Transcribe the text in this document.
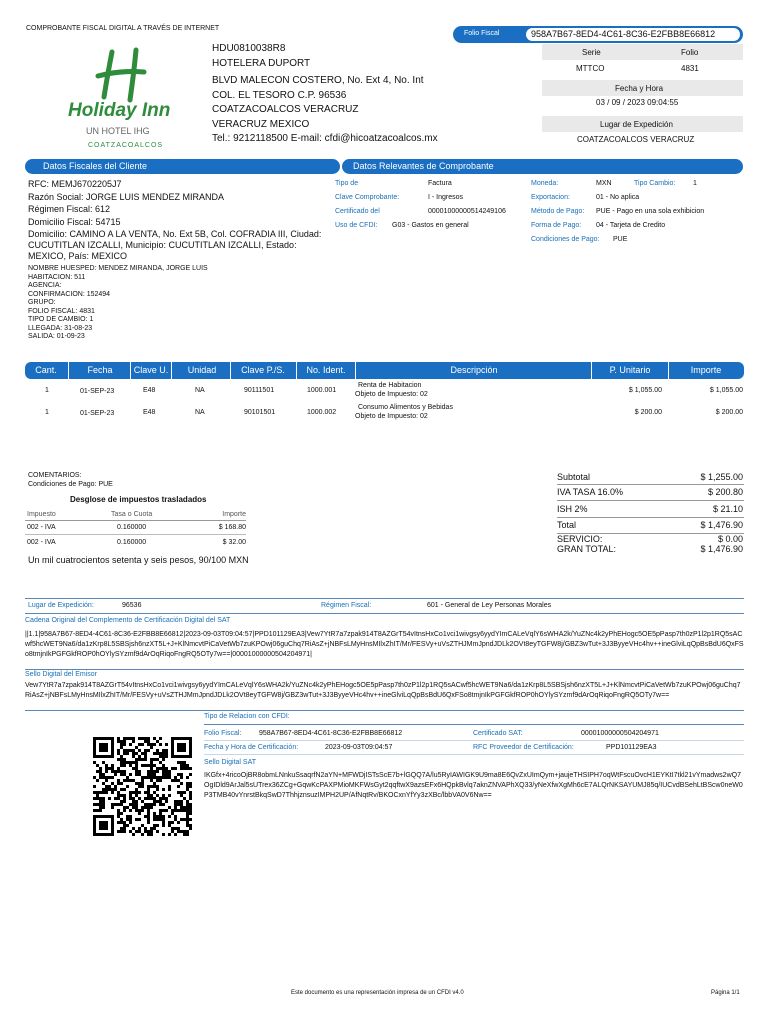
COMPROBANTE FISCAL DIGITAL A TRAVÉS DE INTERNET
Folio Fiscal	958A7B67-8ED4-4C61-8C36-E2FBB8E66812
Serie	Folio
MTTCO	4831
Fecha y Hora
03 / 09 / 2023 09:04:55
Lugar de Expedición
COATZACOALCOS VERACRUZ
Holiday Inn
UN HOTEL IHG
COATZACOALCOS
HDU0810038R8
HOTELERA DUPORT
BLVD MALECON COSTERO, No. Ext 4, No. Int
COL. EL TESORO C.P. 96536
COATZACOALCOS VERACRUZ
VERACRUZ MEXICO
Tel.: 9212118500 E-mail: cfdi@hicoatzacoalcos.mx
Datos Fiscales del Cliente	Datos Relevantes de Comprobante
RFC: MEMJ6702205J7
Razón Social: JORGE LUIS MENDEZ MIRANDA
Régimen Fiscal: 612
Domicilio Fiscal: 54715
Domicilio: CAMINO A LA VENTA, No. Ext 5B, Col. COFRADIA III, Ciudad: CUCUTITLAN IZCALLI, Municipio: CUCUTITLAN IZCALLI, Estado: MEXICO, País: MEXICO
NOMBRE HUESPED: MENDEZ MIRANDA, JORGE LUIS
HABITACION: 511
AGENCIA:
CONFIRMACION: 152494
GRUPO:
FOLIO FISCAL: 4831
TIPO DE CAMBIO: 1
LLEGADA: 31-08-23
SALIDA: 01-09-23
Tipo de	Factura
Clave Comprobante:	I - Ingresos
Certificado del	00001000000514249106
Uso de CFDI: G03 - Gastos en general
Moneda:	MXN	Tipo Cambio:	1
Exportacion:	01 - No aplica
Método de Pago: PUE - Pago en una sola exhibicion
Forma de Pago: 04 - Tarjeta de Credito
Condiciones de Pago: PUE
Cant.	Fecha	Clave U.	Unidad	Clave P./S.	No. Ident.	Descripción	P. Unitario	Importe
1	01-SEP-23	E48	NA	90111501	1000.001
Renta de Habitacion
Objeto de Impuesto: 02
$ 1,055.00	$ 1,055.00
1	01-SEP-23	E48	NA	90101501	1000.002
Consumo Alimentos y Bebidas
Objeto de Impuesto: 02
$ 200.00	$ 200.00
COMENTARIOS:
Condiciones de Pago: PUE
Desglose de impuestos trasladados
Impuesto	Tasa o Cuota	Importe
002 - IVA	0.160000	$ 168.80
002 - IVA	0.160000	$ 32.00
Un mil cuatrocientos setenta y seis pesos, 90/100 MXN
Subtotal	$ 1,255.00
IVA TASA 16.0%	$ 200.80
ISH 2%	$ 21.10
Total	$ 1,476.90
SERVICIO:	$ 0.00
GRAN TOTAL:	$ 1,476.90
Lugar de Expedición:	96536	Régimen Fiscal:	601 - General de Ley Personas Morales
Cadena Original del Complemento de Certificación Digital del SAT
||1.1|958A7B67-8ED4-4C61-8C36-E2FBB8E66812|2023-09-03T09:04:57|PPD101129EA3|Vew7YtR7a7zpak914T8AZGrT54vItnsHxCo1vci1wivgsy6yydYImCALeVqlY6sWHA2k/YuZNc4k2yPhEHogc5OE5pPasp7th0zP1l2p1RQ5sACwf5hcWET9Na6/da1zKrp8L5SBSjsh6nzXT5L+J+KlNmcvtPiCaVetWb7zuKPOwj06guChq7RiAsZ+jNBFsLMyHnsMIlxZhIT/Mr/FESVy+uVsZTHJMmJpndJDLk2OVt8eyTGFW8j/GBZ3wTut+3J3ByyeVHc4hv++ineGlviLqQpBsBdU6QxFSo8tmjnIkPGFGkfROP0hOYlySYzmf9dArOqRiqoFngRQ5OTy7w==|00001000000504204971|
Sello Digital del Emisor
Vew7YtR7a7zpak914T8AZGrT54vItnsHxCo1vci1wivgsy6yydYImCALeVqlY6sWHA2k/YuZNc4k2yPhEHogc5OE5pPasp7th0zP1l2p1RQ5sACwf5hcWET9Na6/da1zKrp8L5SBSjsh6nzXT5L+J+KlNmcvtPiCaVetWb7zuKPOwj06guChq7RiAsZ+jNBFsLMyHnsMIlxZhIT/Mr/FESVy+uVsZTHJMmJpndJDLk2OVt8eyTGFW8j/GBZ3wTut+3J3ByyeVHc4hv++ineGlviLqQpBsBdU6QxFSo8tmjnIkPGFGkfROP0hOYlySYzmf9dArOqRiqoFngRQ5OTy7w==
Tipo de Relacion con CFDI:
Folio Fiscal:	958A7B67-8ED4-4C61-8C36-E2FBB8E66812	Certificado SAT:	00001000000504204971
Fecha y Hora de Certificación:	2023-09-03T09:04:57	RFC Proveedor de Certificación:	PPD101129EA3
Sello Digital SAT
IKGfx+4ricoOjBR8obmLNnkuSsaqrfN2aYN+MFWDjISTsScE7b+lGQQ7A/lu5RyIAWIGK9U9ma8E6QvZxUImQym+jaujeTHSIPH7oqWtFscuOvcH1EYKtI7tkl21vYmadws2wQ7OgIDld9ArJal5sUTrex36ZCg+GqwKcPAXPMioMKFWsGyt2qqftwX9azsEFx6HQpkBvlq7aknZNVAPhXQ33/yNeXfwXgMh6cE7ALQrNKSAYUMJ85q/IUCvdBSehLtBScw0neW0P3TMB40vYnrstBkqSwD7ThhjznsuzIMPH2UP/AfNqtRv/BKOCxnYfYy3zXBc/lbbVA0V6Nw==
Este documento es una representación impresa de un CFDI v4.0	Página 1/1
